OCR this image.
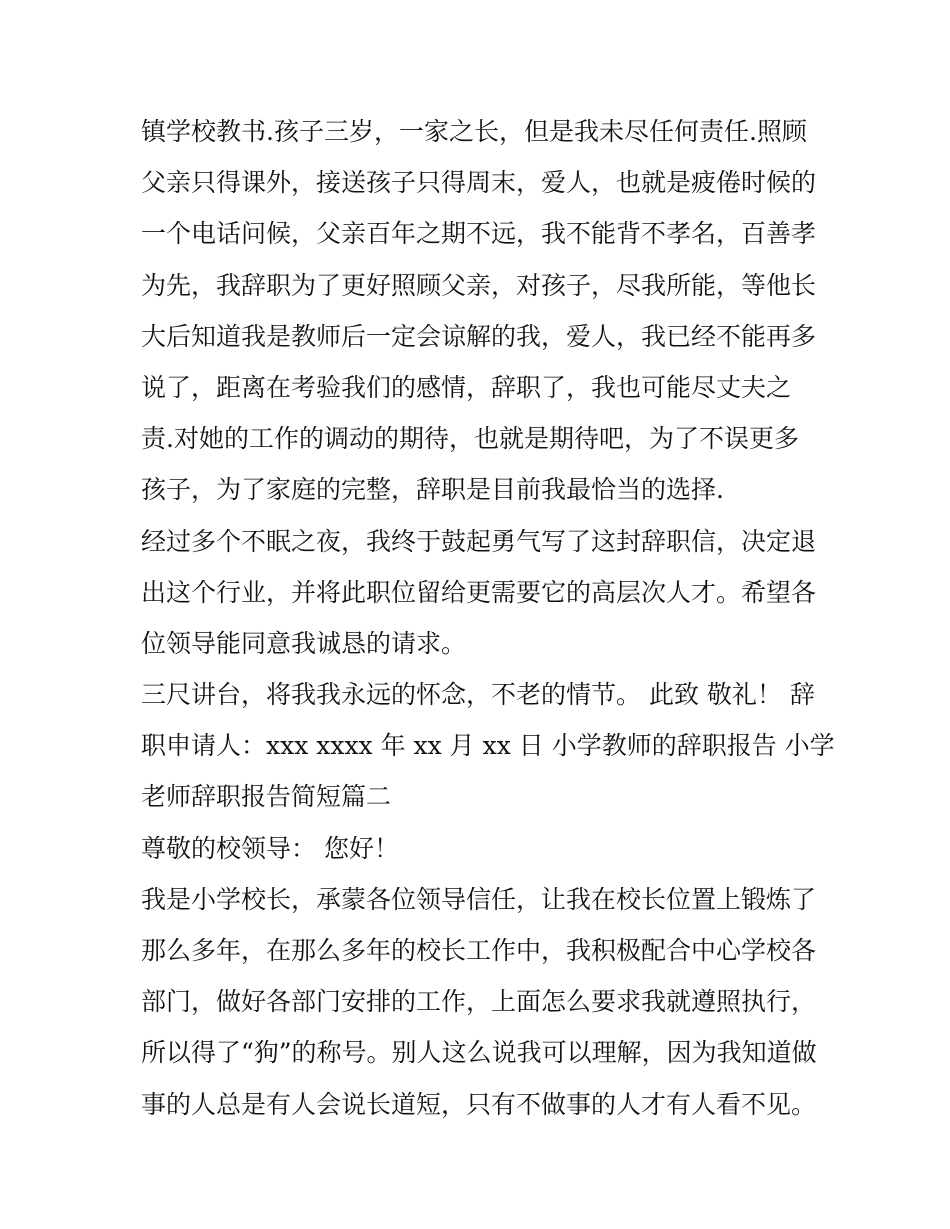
镇学校教书.孩子三岁，一家之长，但是我未尽任何责任.照顾
父亲只得课外，接送孩子只得周末，爱人，也就是疲倦时候的
一个电话问候，父亲百年之期不远，我不能背不孝名，百善孝
为先，我辞职为了更好照顾父亲，对孩子，尽我所能，等他长
大后知道我是教师后一定会谅解的我，爱人，我已经不能再多
说了，距离在考验我们的感情，辞职了，我也可能尽丈夫之
责.对她的工作的调动的期待，也就是期待吧，为了不误更多
孩子，为了家庭的完整，辞职是目前我最恰当的选择.
经过多个不眠之夜，我终于鼓起勇气写了这封辞职信，决定退
出这个行业，并将此职位留给更需要它的高层次人才。希望各
位领导能同意我诚恳的请求。
三尺讲台，将我我永远的怀念，不老的情节。 此致 敬礼！ 辞
职申请人：xxx xxxx 年 xx 月 xx 日 小学教师的辞职报告 小学
老师辞职报告简短篇二
尊敬的校领导： 您好！
我是小学校长，承蒙各位领导信任，让我在校长位置上锻炼了
那么多年，在那么多年的校长工作中，我积极配合中心学校各
部门，做好各部门安排的工作，上面怎么要求我就遵照执行，
所以得了“狗”的称号。别人这么说我可以理解，因为我知道做
事的人总是有人会说长道短，只有不做事的人才有人看不见。
